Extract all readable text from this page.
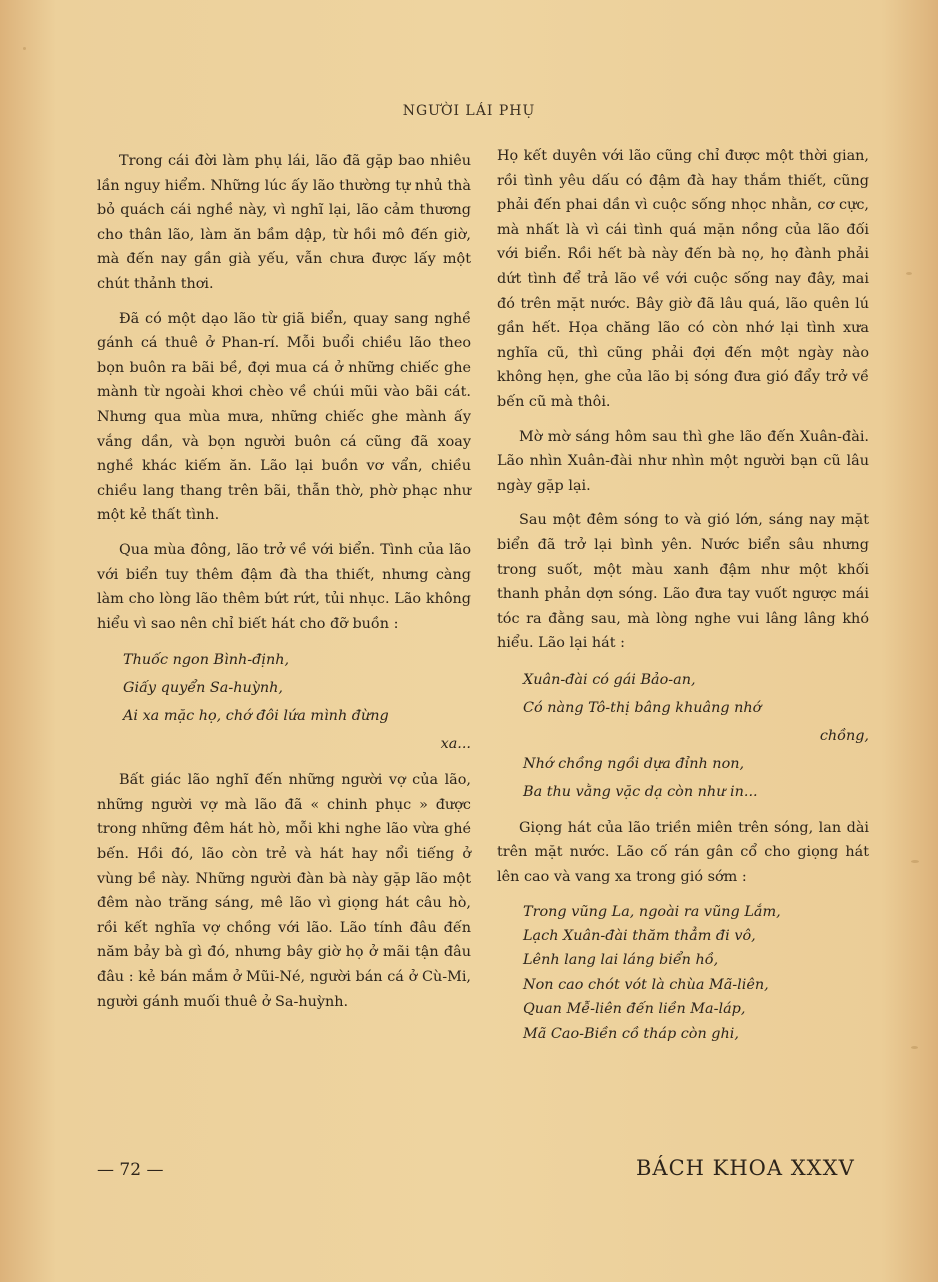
NGƯỜI LÁI PHỤ

Trong cái đời làm phụ lái, lão đã gặp bao nhiêu lần nguy hiểm. Những lúc ấy lão thường tự nhủ thà bỏ quách cái nghề này, vì nghĩ lại, lão cảm thương cho thân lão, làm ăn bầm dập, từ hồi mô đến giờ, mà đến nay gần già yếu, vẫn chưa được lấy một chút thảnh thơi.

Đã có một dạo lão từ giã biển, quay sang nghề gánh cá thuê ở Phan-rí. Mỗi buổi chiều lão theo bọn buôn ra bãi bề, đợi mua cá ở những chiếc ghe mành từ ngoài khơi chèo về chúi mũi vào bãi cát. Nhưng qua mùa mưa, những chiếc ghe mành ấy vắng dần, và bọn người buôn cá cũng đã xoay nghề khác kiếm ăn. Lão lại buồn vơ vẩn, chiều chiều lang thang trên bãi, thẫn thờ, phờ phạc như một kẻ thất tình.

Qua mùa đông, lão trở về với biển. Tình của lão với biển tuy thêm đậm đà tha thiết, nhưng càng làm cho lòng lão thêm bứt rứt, tủi nhục. Lão không hiểu vì sao nên chỉ biết hát cho đỡ buồn :

Thuốc ngon Bình-định,
Giấy quyển Sa-huỳnh,
Ai xa mặc họ, chớ đôi lứa mình đừng
xa...

Bất giác lão nghĩ đến những người vợ của lão, những người vợ mà lão đã « chinh phục » được trong những đêm hát hò, mỗi khi nghe lão vừa ghé bến. Hồi đó, lão còn trẻ và hát hay nổi tiếng ở vùng bề này. Những người đàn bà này gặp lão một đêm nào trăng sáng, mê lão vì giọng hát câu hò, rồi kết nghĩa vợ chồng với lão. Lão tính đâu đến năm bảy bà gì đó, nhưng bây giờ họ ở mãi tận đâu đâu : kẻ bán mắm ở Mũi-Né, người bán cá ở Cù-Mi, người gánh muối thuê ở Sa-huỳnh.

Họ kết duyên với lão cũng chỉ được một thời gian, rồi tình yêu dấu có đậm đà hay thắm thiết, cũng phải đến phai dần vì cuộc sống nhọc nhằn, cơ cực, mà nhất là vì cái tình quá mặn nồng của lão đối với biển. Rồi hết bà này đến bà nọ, họ đành phải dứt tình để trả lão về với cuộc sống nay đây, mai đó trên mặt nước. Bây giờ đã lâu quá, lão quên lú gần hết. Họa chăng lão có còn nhớ lại tình xưa nghĩa cũ, thì cũng phải đợi đến một ngày nào không hẹn, ghe của lão bị sóng đưa gió đẩy trở về bến cũ mà thôi.

Mờ mờ sáng hôm sau thì ghe lão đến Xuân-đài. Lão nhìn Xuân-đài như nhìn một người bạn cũ lâu ngày gặp lại.

Sau một đêm sóng to và gió lớn, sáng nay mặt biển đã trở lại bình yên. Nước biển sâu nhưng trong suốt, một màu xanh đậm như một khối thanh phản dợn sóng. Lão đưa tay vuốt ngược mái tóc ra đằng sau, mà lòng nghe vui lâng lâng khó hiểu. Lão lại hát :

Xuân-đài có gái Bảo-an,
Có nàng Tô-thị bâng khuâng nhớ
chồng,
Nhớ chồng ngồi dựa đỉnh non,
Ba thu vằng vặc dạ còn như in...

Giọng hát của lão triền miên trên sóng, lan dài trên mặt nước. Lão cố rán gân cổ cho giọng hát lên cao và vang xa trong gió sớm :

Trong vũng La, ngoài ra vũng Lắm,
Lạch Xuân-đài thăm thẳm đi vô,
Lênh lang lai láng biển hồ,
Non cao chót vót là chùa Mã-liên,
Quan Mễ-liên đến liền Ma-láp,
Mã Cao-Biền cồ tháp còn ghi,
— 72 —	BÁCH KHOA XXXV
